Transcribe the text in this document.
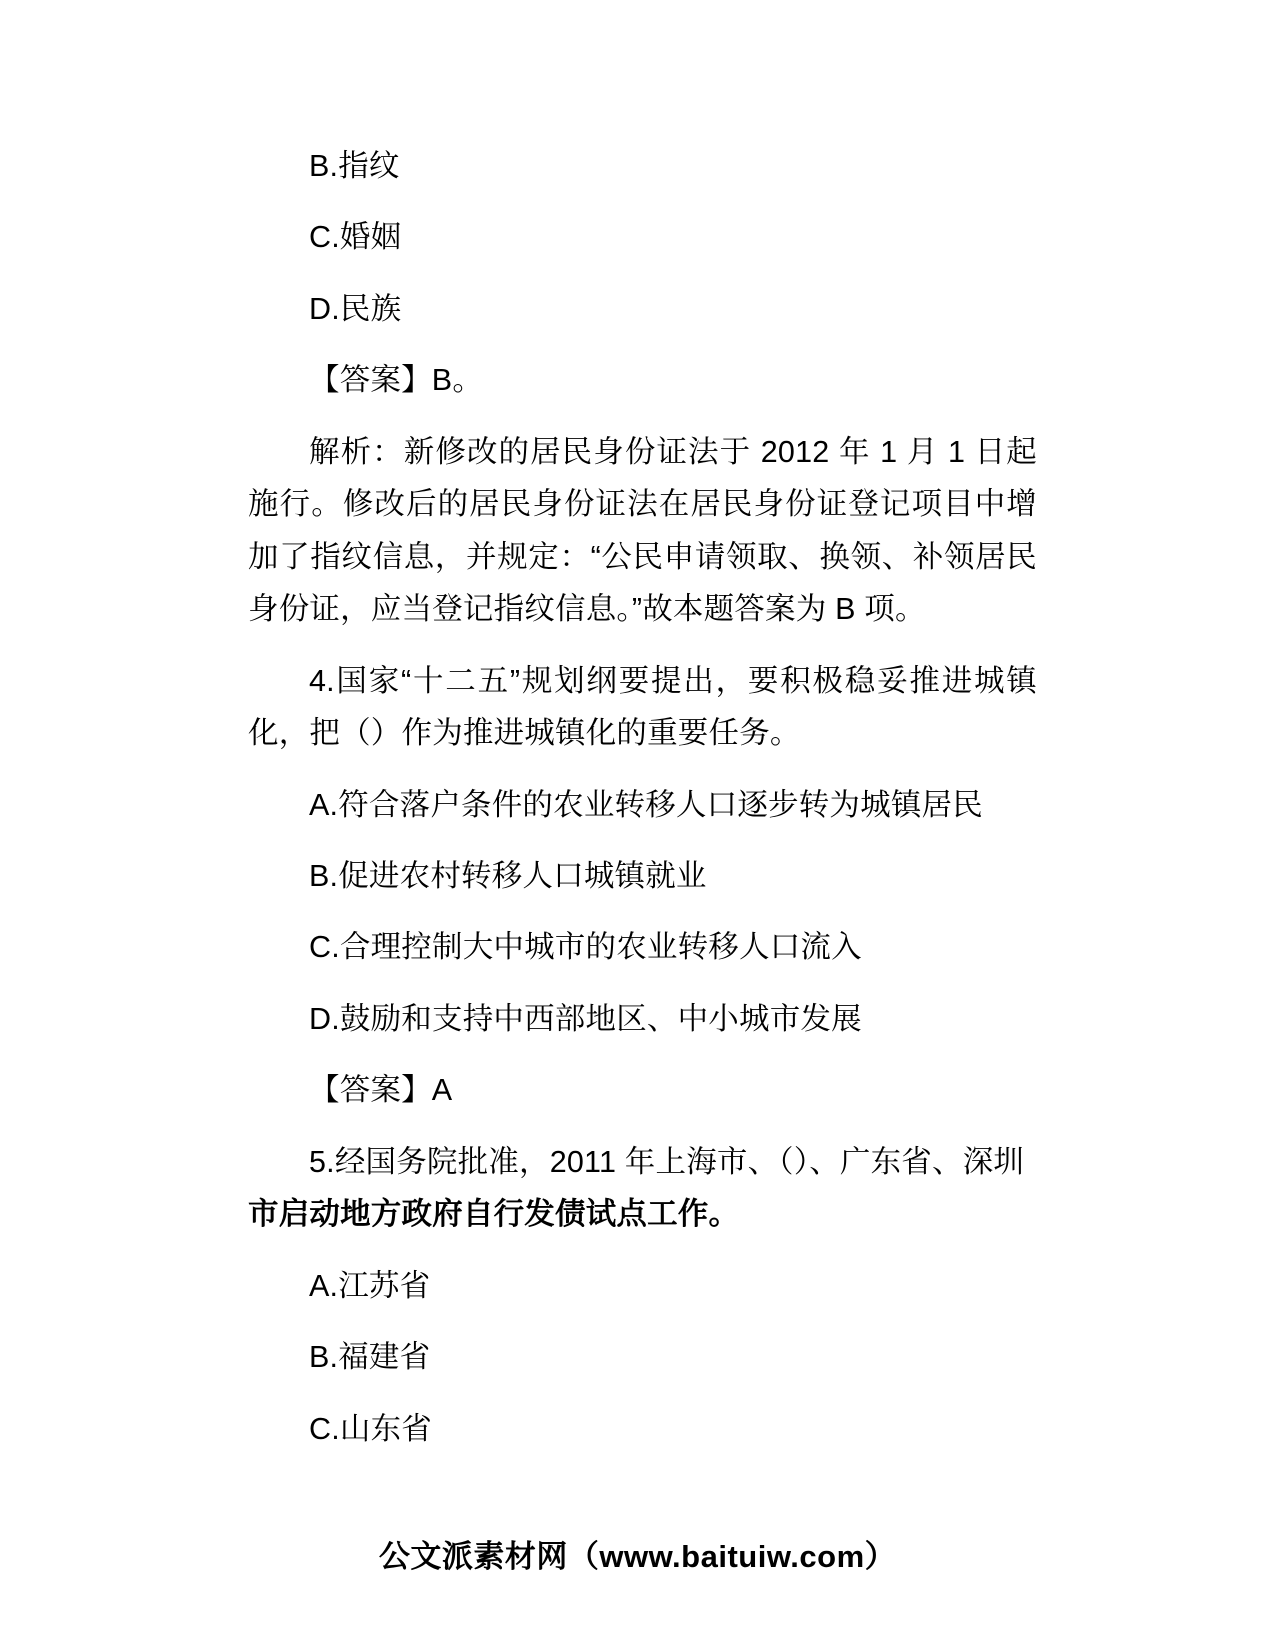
B.指纹

C.婚姻

D.民族

【答案】B。

解析：新修改的居民身份证法于 2012 年 1 月 1 日起施行。修改后的居民身份证法在居民身份证登记项目中增加了指纹信息，并规定：“公民申请领取、换领、补领居民身份证，应当登记指纹信息。”故本题答案为 B 项。

4.国家“十二五”规划纲要提出，要积极稳妥推进城镇化，把（）作为推进城镇化的重要任务。

A.符合落户条件的农业转移人口逐步转为城镇居民

B.促进农村转移人口城镇就业

C.合理控制大中城市的农业转移人口流入

D.鼓励和支持中西部地区、中小城市发展

【答案】A

5.经国务院批准，2011 年上海市、（）、广东省、深圳
市启动地方政府自行发债试点工作。

A.江苏省

B.福建省

C.山东省

公文派素材网（www.baituiw.com）
